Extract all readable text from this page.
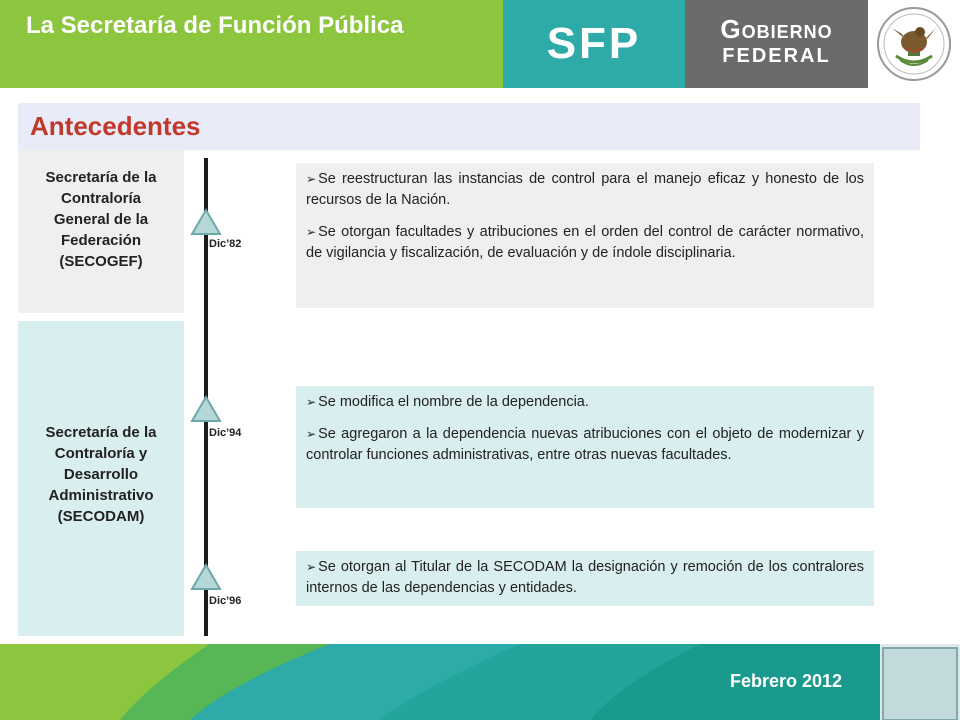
La Secretaría de Función Pública	SFP	Gobierno
FEDERAL
Antecedentes
Secretaría de la
Contraloría
General de la
Federación
(SECOGEF)
Secretaría de la
Contraloría y
Desarrollo
Administrativo
(SECODAM)
Dic’82
Dic’94
Dic’96

➢ Se reestructuran las instancias de control para el manejo eficaz y honesto de los recursos de la Nación.

➢ Se otorgan facultades y atribuciones en el orden del control de carácter normativo, de vigilancia y fiscalización, de evaluación y de índole disciplinaria.

➢ Se modifica el nombre de la dependencia.

➢ Se agregaron a la dependencia nuevas atribuciones con el objeto de modernizar y controlar funciones administrativas, entre otras nuevas facultades.

➢ Se otorgan al Titular de la SECODAM la designación y remoción de los contralores internos de las dependencias y entidades.

Febrero 2012
